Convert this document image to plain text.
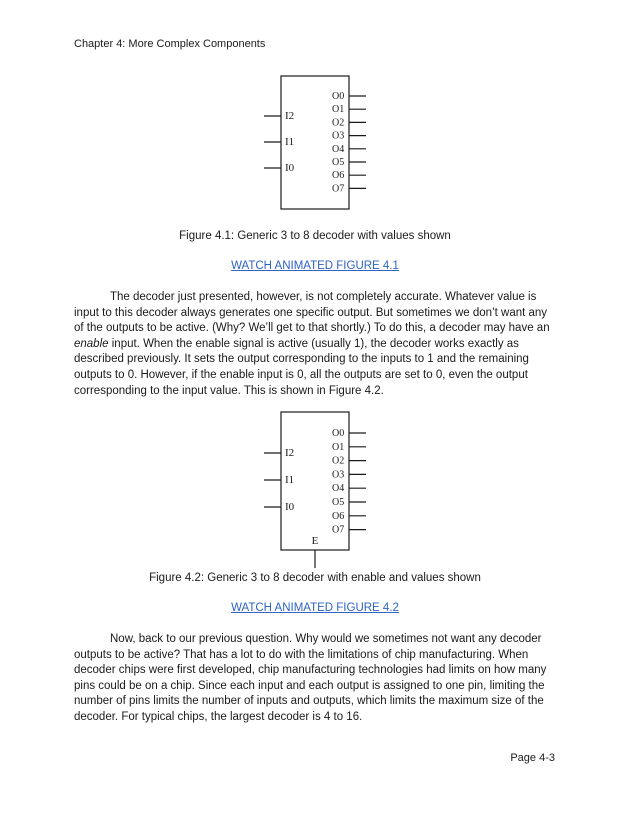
Chapter 4: More Complex Components
I2
I1
I0
O0
O1
O2
O3
O4
O5
O6
O7
Figure 4.1: Generic 3 to 8 decoder with values shown
WATCH ANIMATED FIGURE 4.1

The decoder just presented, however, is not completely accurate. Whatever value is input to this decoder always generates one specific output. But sometimes we don’t want any of the outputs to be active. (Why? We’ll get to that shortly.) To do this, a decoder may have an enable input. When the enable signal is active (usually 1), the decoder works exactly as described previously. It sets the output corresponding to the inputs to 1 and the remaining outputs to 0. However, if the enable input is 0, all the outputs are set to 0, even the output corresponding to the input value. This is shown in Figure 4.2.

I2
I1
I0
O0
O1
O2
O3
O4
O5
O6
O7
E
Figure 4.2: Generic 3 to 8 decoder with enable and values shown
WATCH ANIMATED FIGURE 4.2

Now, back to our previous question. Why would we sometimes not want any decoder outputs to be active? That has a lot to do with the limitations of chip manufacturing. When decoder chips were first developed, chip manufacturing technologies had limits on how many pins could be on a chip. Since each input and each output is assigned to one pin, limiting the number of pins limits the number of inputs and outputs, which limits the maximum size of the decoder. For typical chips, the largest decoder is 4 to 16.

Page 4-3
